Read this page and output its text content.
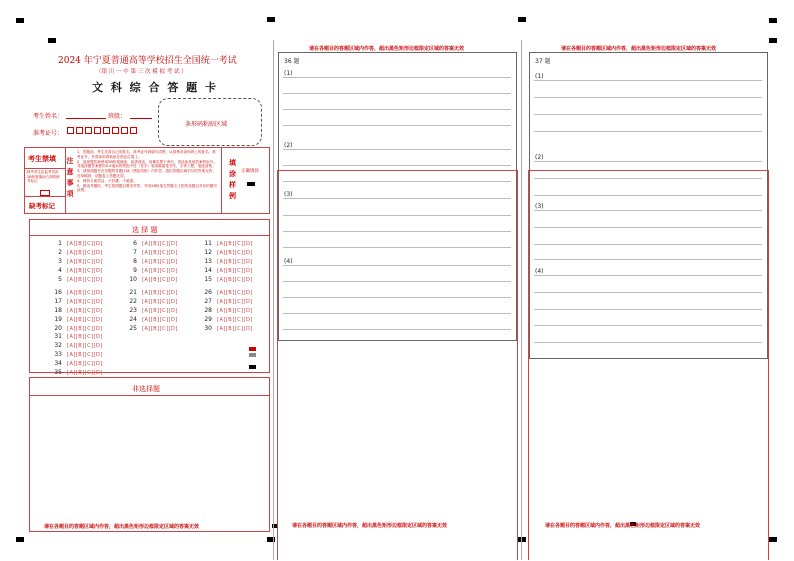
2024 年宁夏普通高等学校招生全国统一考试
（银 川 一 中 第 三 次 模 拟 考 试 ）
文 科 综 合 答 题 卡
考生姓名：	班级：
准考证号：
条形码粘贴区域
考生禁填
缺考考生由监考员用2B铅笔填涂右面的缺考标记
缺考标记
注意事项
1．答题前，考生先将自己的姓名、准考证号码填写清楚，认真核对条形码上的姓名、准考证号，并将条形码粘贴在指定位置上。
2．选择题答案使用2B铅笔填涂，如需改动，用橡皮擦干净后，再选涂其他答案的标号；非选择题答案使用0.5毫米的黑色中性（签字）笔或碳素笔书写，字体工整，笔迹清楚。
3．请按照题号在各题的答题区域（黑色线框）内作答，超出答题区域书写的答案无效；在草稿纸、试题卷上答题无效。
4．保持卡面清洁，不折叠，不破损。
5．做选考题时，考生按照题目要求作答，并用2B铅笔在答题卡上把所选题目对应的题号涂黑。
填涂样例
正确填涂
选 择 题
1 [A][B][C][D]
2 [A][B][C][D]
3 [A][B][C][D]
4 [A][B][C][D]
5 [A][B][C][D]
6 [A][B][C][D]
7 [A][B][C][D]
8 [A][B][C][D]
9 [A][B][C][D]
10 [A][B][C][D]
11 [A][B][C][D]
12 [A][B][C][D]
13 [A][B][C][D]
14 [A][B][C][D]
15 [A][B][C][D]
16 [A][B][C][D]
17 [A][B][C][D]
18 [A][B][C][D]
19 [A][B][C][D]
20 [A][B][C][D]
21 [A][B][C][D]
22 [A][B][C][D]
23 [A][B][C][D]
24 [A][B][C][D]
25 [A][B][C][D]
26 [A][B][C][D]
27 [A][B][C][D]
28 [A][B][C][D]
29 [A][B][C][D]
30 [A][B][C][D]
31 [A][B][C][D]
32 [A][B][C][D]
33 [A][B][C][D]
34 [A][B][C][D]
35 [A][B][C][D]
非选择题
请在各题目的答题区域内作答，超出黑色矩形边框限定区域的答案无效
请在各题目的答题区域内作答，超出黑色矩形边框限定区域的答案无效
36 题
(1)
(2)
(3)
(4)
请在各题目的答题区域内作答，超出黑色矩形边框限定区域的答案无效
请在各题目的答题区域内作答，超出黑色矩形边框限定区域的答案无效
37 题
(1)
(2)
(3)
(4)
请在各题目的答题区域内作答，超出黑色矩形边框限定区域的答案无效
